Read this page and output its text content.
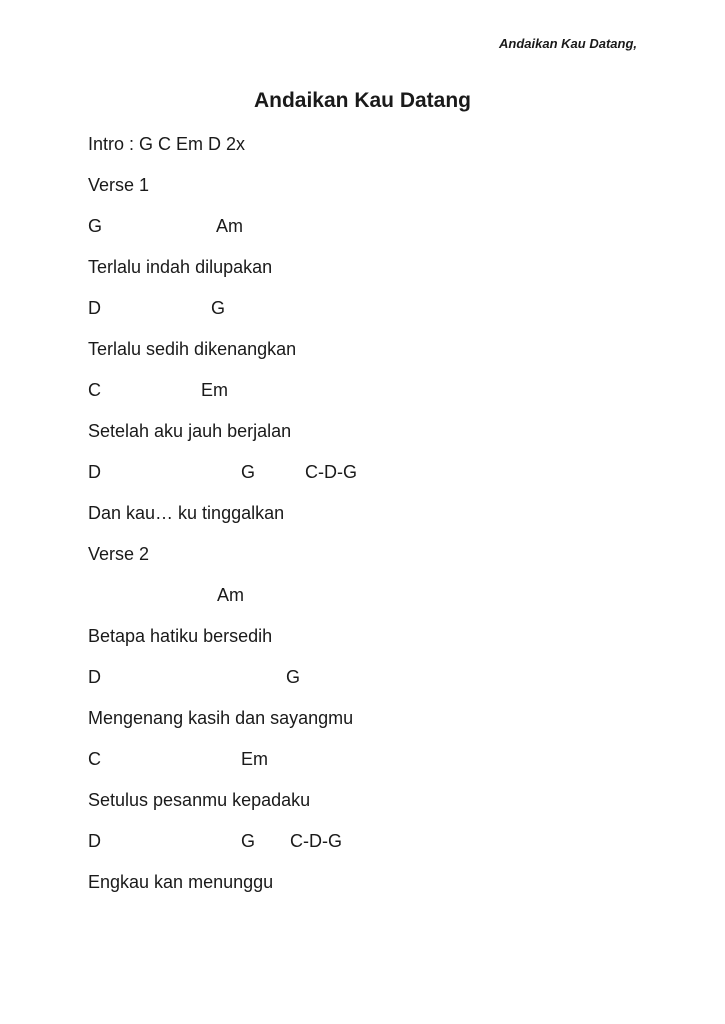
Andaikan Kau Datang,
Andaikan Kau Datang

Intro : G C Em D 2x

Verse 1

G                       Am

Terlalu indah dilupakan

D                      G

Terlalu sedih dikenangkan

C                    Em

Setelah aku jauh berjalan

D                            G          C-D-G

Dan kau… ku tinggalkan

Verse 2

Am

Betapa hatiku bersedih

D                                     G

Mengenang kasih dan sayangmu

C                            Em

Setulus pesanmu kepadaku

D                            G       C-D-G

Engkau kan menunggu
